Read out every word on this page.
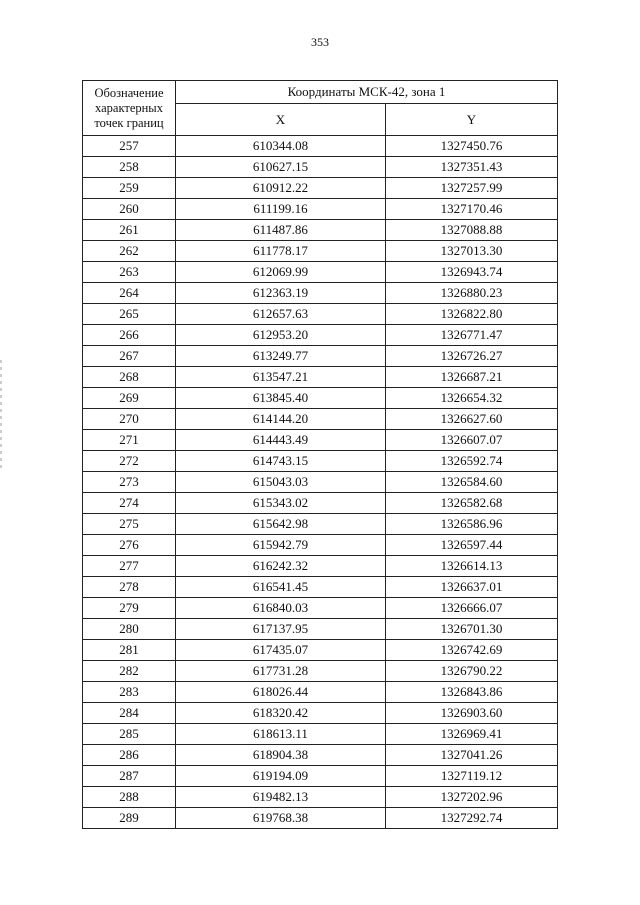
353
Обозначение
характерных
точек границ	Координаты МСК-42, зона 1	
	X	Y
257	610344.08	1327450.76
258	610627.15	1327351.43
259	610912.22	1327257.99
260	611199.16	1327170.46
261	611487.86	1327088.88
262	611778.17	1327013.30
263	612069.99	1326943.74
264	612363.19	1326880.23
265	612657.63	1326822.80
266	612953.20	1326771.47
267	613249.77	1326726.27
268	613547.21	1326687.21
269	613845.40	1326654.32
270	614144.20	1326627.60
271	614443.49	1326607.07
272	614743.15	1326592.74
273	615043.03	1326584.60
274	615343.02	1326582.68
275	615642.98	1326586.96
276	615942.79	1326597.44
277	616242.32	1326614.13
278	616541.45	1326637.01
279	616840.03	1326666.07
280	617137.95	1326701.30
281	617435.07	1326742.69
282	617731.28	1326790.22
283	618026.44	1326843.86
284	618320.42	1326903.60
285	618613.11	1326969.41
286	618904.38	1327041.26
287	619194.09	1327119.12
288	619482.13	1327202.96
289	619768.38	1327292.74
